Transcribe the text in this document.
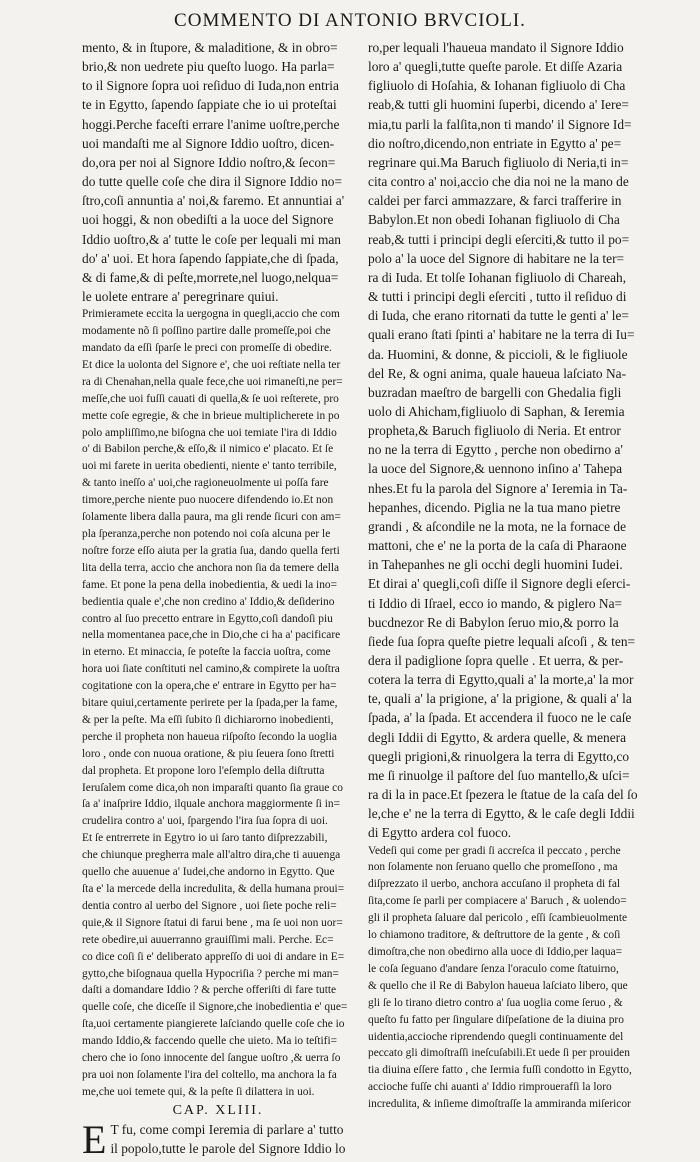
COMMENTO DI ANTONIO BRVCIOLI.
mento, & in ſtupore, & maladitione, & in obro=
brio,& non uedrete piu queſto luogo. Ha parla=
to il Signore ſopra uoi reſiduo di Iuda,non entria
te in Egytto, ſapendo ſappiate che io ui proteſtai
hoggi.Perche faceſti errare l'anime uoſtre,perche
uoi mandaſti me al Signore Iddio uoſtro, dicen-
do,ora per noi al Signore Iddio noſtro,& ſecon=
do tutte quelle coſe che dira il Signore Iddio no=
ſtro,coſi annuntia a' noi,& faremo. Et annuntiai a'
uoi hoggi, & non obediſti a la uoce del Signore
Iddio uoſtro,& a' tutte le coſe per lequali mi man
do' a' uoi. Et hora ſapendo ſappiate,che di ſpada,
& di fame,& di peſte,morrete,nel luogo,nelqua=
le uolete entrare a' peregrinare quiui.
Primieramete eccita la uergogna in quegli,accio che com
modamente nõ ſi poſſino partire dalle promeſſe,poi che
mandato da eſſi ſparſe le preci con promeſſe di obedire.
Et dice la uolonta del Signore e', che uoi reſtiate nella ter
ra di Chenahan,nella quale fece,che uoi rimaneſti,ne per=
meſſe,che uoi fuſſi cauati di quella,& ſe uoi reſterete, pro
mette coſe egregie, & che in brieue multiplicherete in po
polo ampliſſimo,ne biſogna che uoi temiate l'ira di Iddio
o' di Babilon perche,& eſſo,& il nimico e' placato. Et ſe
uoi mi farete in uerita obedienti, niente e' tanto terribile,
& tanto ineſſo a' uoi,che ragioneuolmente ui poſſa fare
timore,perche niente puo nuocere difendendo io.Et non
ſolamente libera dalla paura, ma gli rende ſicuri con am=
pla ſperanza,perche non potendo noi coſa alcuna per le
noſtre forze eſſo aiuta per la gratia ſua, dando quella ferti
lita della terra, accio che anchora non ſia da temere della
fame. Et pone la pena della inobedientia, & uedi la ino=
bedientia quale e',che non credino a' Iddio,& deſiderino
contro al ſuo precetto entrare in Egytto,coſi dandoſi piu
nella momentanea pace,che in Dio,che ci ha a' pacificare
in eterno. Et minaccia, ſe poteſte la faccia uoſtra, come
hora uoi ſiate conſtituti nel camino,& compirete la uoſtra
cogitatione con la opera,che e' entrare in Egytto per ha=
bitare quiui,certamente perirete per la ſpada,per la fame,
& per la peſte. Ma eſſi ſubito ſi dichiarorno inobedienti,
perche il propheta non haueua riſpoſto ſecondo la uoglia
loro , onde con nuoua oratione, & piu ſeuera ſono ſtretti
dal propheta. Et propone loro l'eſemplo della diſtrutta
Ieruſalem come dica,oh non imparaſti quanto ſia graue co
ſa a' inaſprire Iddio, ilquale anchora maggiormente ſi in=
crudelira contro a' uoi, ſpargendo l'ira ſua ſopra di uoi.
Et ſe entrerrete in Egytro io ui ſaro tanto diſprezzabili,
che chiunque pregherra male all'altro dira,che ti auuenga
quello che auuenue a' Iudei,che andorno in Egytto. Que
ſta e' la mercede della incredulita, & della humana proui=
dentia contro al uerbo del Signore , uoi ſiete poche reli=
quie,& il Signore ſtatui di farui bene , ma ſe uoi non uor=
rete obedire,ui auuerranno grauiſſimi mali. Perche. Ec=
co dice coſi ſi e' deliberato appreſſo di uoi di andare in E=
gytto,che biſognaua quella Hypocriſia ? perche mi man=
daſti a domandare Iddio ? & perche offeriſti di fare tutte
quelle coſe, che diceſſe il Signore,che inobedientia e' que=
ſta,uoi certamente piangierete laſciando quelle coſe che io
mando Iddio,& faccendo quelle che uieto. Ma io teſtifi=
chero che io ſono innocente del ſangue uoſtro ,& uerra ſo
pra uoi non ſolamente l'ira del coltello, ma anchora la fa
me,che uoi temete qui, & la peſte ſi dilattera in uoi.
CAP. XLIII.
E T fu, come compi Ieremia di parlare a' tutto
il popolo,tutte le parole del Signore Iddio lo
ro,per lequali l'haueua mandato il Signore Iddio
loro a' quegli,tutte queſte parole. Et diſſe Azaria
figliuolo di Hoſahia, & Iohanan figliuolo di Cha
reab,& tutti gli huomini ſuperbi, dicendo a' Iere=
mia,tu parli la falſita,non ti mando' il Signore Id=
dio noſtro,dicendo,non entriate in Egytto a' pe=
regrinare qui.Ma Baruch figliuolo di Neria,ti in=
cita contro a' noi,accio che dia noi ne la mano de
caldei per farci ammazzare, & farci traſferire in
Babylon.Et non obedi Iohanan figliuolo di Cha
reab,& tutti i principi degli eſerciti,& tutto il po=
polo a' la uoce del Signore di habitare ne la ter=
ra di Iuda. Et tolſe Iohanan figliuolo di Chareah,
& tutti i principi degli eſerciti , tutto il reſiduo di
di Iuda, che erano ritornati da tutte le genti a' le=
quali erano ſtati ſpinti a' habitare ne la terra di Iu=
da. Huomini, & donne, & piccioli, & le figliuole
del Re, & ogni anima, quale haueua laſciato Na-
buzradan maeſtro de bargelli con Ghedalia figli
uolo di Ahicham,figliuolo di Saphan, & Ieremia
propheta,& Baruch figliuolo di Neria. Et entror
no ne la terra di Egytto , perche non obedirno a'
la uoce del Signore,& uennono inſino a' Tahepa
nhes.Et fu la parola del Signore a' Ieremia in Ta-
hepanhes, dicendo. Piglia ne la tua mano pietre
grandi , & aſcondile ne la mota, ne la fornace de
mattoni, che e' ne la porta de la caſa di Pharaone
in Tahepanhes ne gli occhi degli huomini Iudei.
Et dirai a' quegli,coſi diſſe il Signore degli eſerci-
ti Iddio di Iſrael, ecco io mando, & piglero Na=
bucdnezor Re di Babylon ſeruo mio,& porro la
ſiede ſua ſopra queſte pietre lequali aſcoſi , & ten=
dera il padiglione ſopra quelle . Et uerra, & per-
cotera la terra di Egytto,quali a' la morte,a' la mor
te, quali a' la prigione, a' la prigione, & quali a' la
ſpada, a' la ſpada. Et accendera il fuoco ne le caſe
degli Iddii di Egytto, & ardera quelle, & menera
quegli prigioni,& rinuolgera la terra di Egytto,co
me ſi rinuolge il paſtore del ſuo mantello,& uſci=
ra di la in pace.Et ſpezera le ſtatue de la caſa del ſo
le,che e' ne la terra di Egytto, & le caſe degli Iddii
di Egytto ardera col fuoco.
Vedeſi qui come per gradi ſi accreſca il peccato , perche
non ſolamente non ſeruano quello che promeſſono , ma
diſprezzato il uerbo, anchora accuſano il propheta di fal
ſita,come ſe parli per compiacere a' Baruch , & uolendo=
gli il propheta ſaluare dal pericolo , eſſi ſcambieuolmente
lo chiamono traditore, & deſtruttore de la gente , & coſi
dimoſtra,che non obedirno alla uoce di Iddio,per laqua=
le coſa ſeguano d'andare ſenza l'oraculo come ſtatuirno,
& quello che il Re di Babylon haueua laſciato libero, que
gli ſe lo tirano dietro contro a' ſua uoglia come ſeruo , &
queſto fu fatto per ſingulare diſpeſatione de la diuina pro
uidentia,accioche riprendendo quegli continuamente del
peccato gli dimoſtraſſi ineſcuſabili.Et uede ſi per prouiden
tia diuina eſſere fatto , che Iermia fuſſi condotto in Egytto,
accioche fuſſe chi auanti a' Iddio rimprouerafſi la loro
incredulita, & inſieme dimoſtraſſe la ammiranda miſericor
